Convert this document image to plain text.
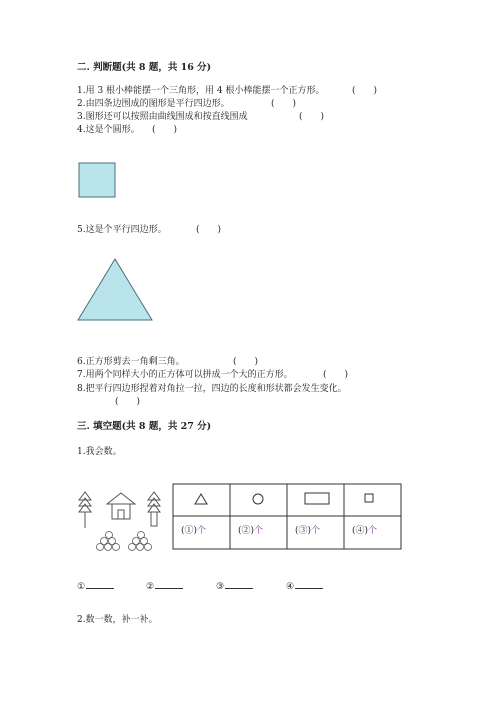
二. 判断题(共 8 题，共 16 分)
1.用 3 根小棒能摆一个三角形，用 4 根小棒能摆一个正方形。	(　　)
2.由四条边围成的图形是平行四边形。	(　　)
3.图形还可以按照由曲线围成和按直线围成	(　　)
4.这是个圆形。 (　　)
5.这是个平行四边形。	(　　)
6.正方形剪去一角剩三角。	(　　)
7.用两个同样大小的正方体可以拼成一个大的正方形。	(　　)
8.把平行四边形捏着对角拉一拉，四边的长度和形状都会发生变化。
(　　)
三. 填空题(共 8 题，共 27 分)
1.我会数。
(①)个	(②)个	(③)个	(④)个
①	②	③	④
2.数一数，补一补。
